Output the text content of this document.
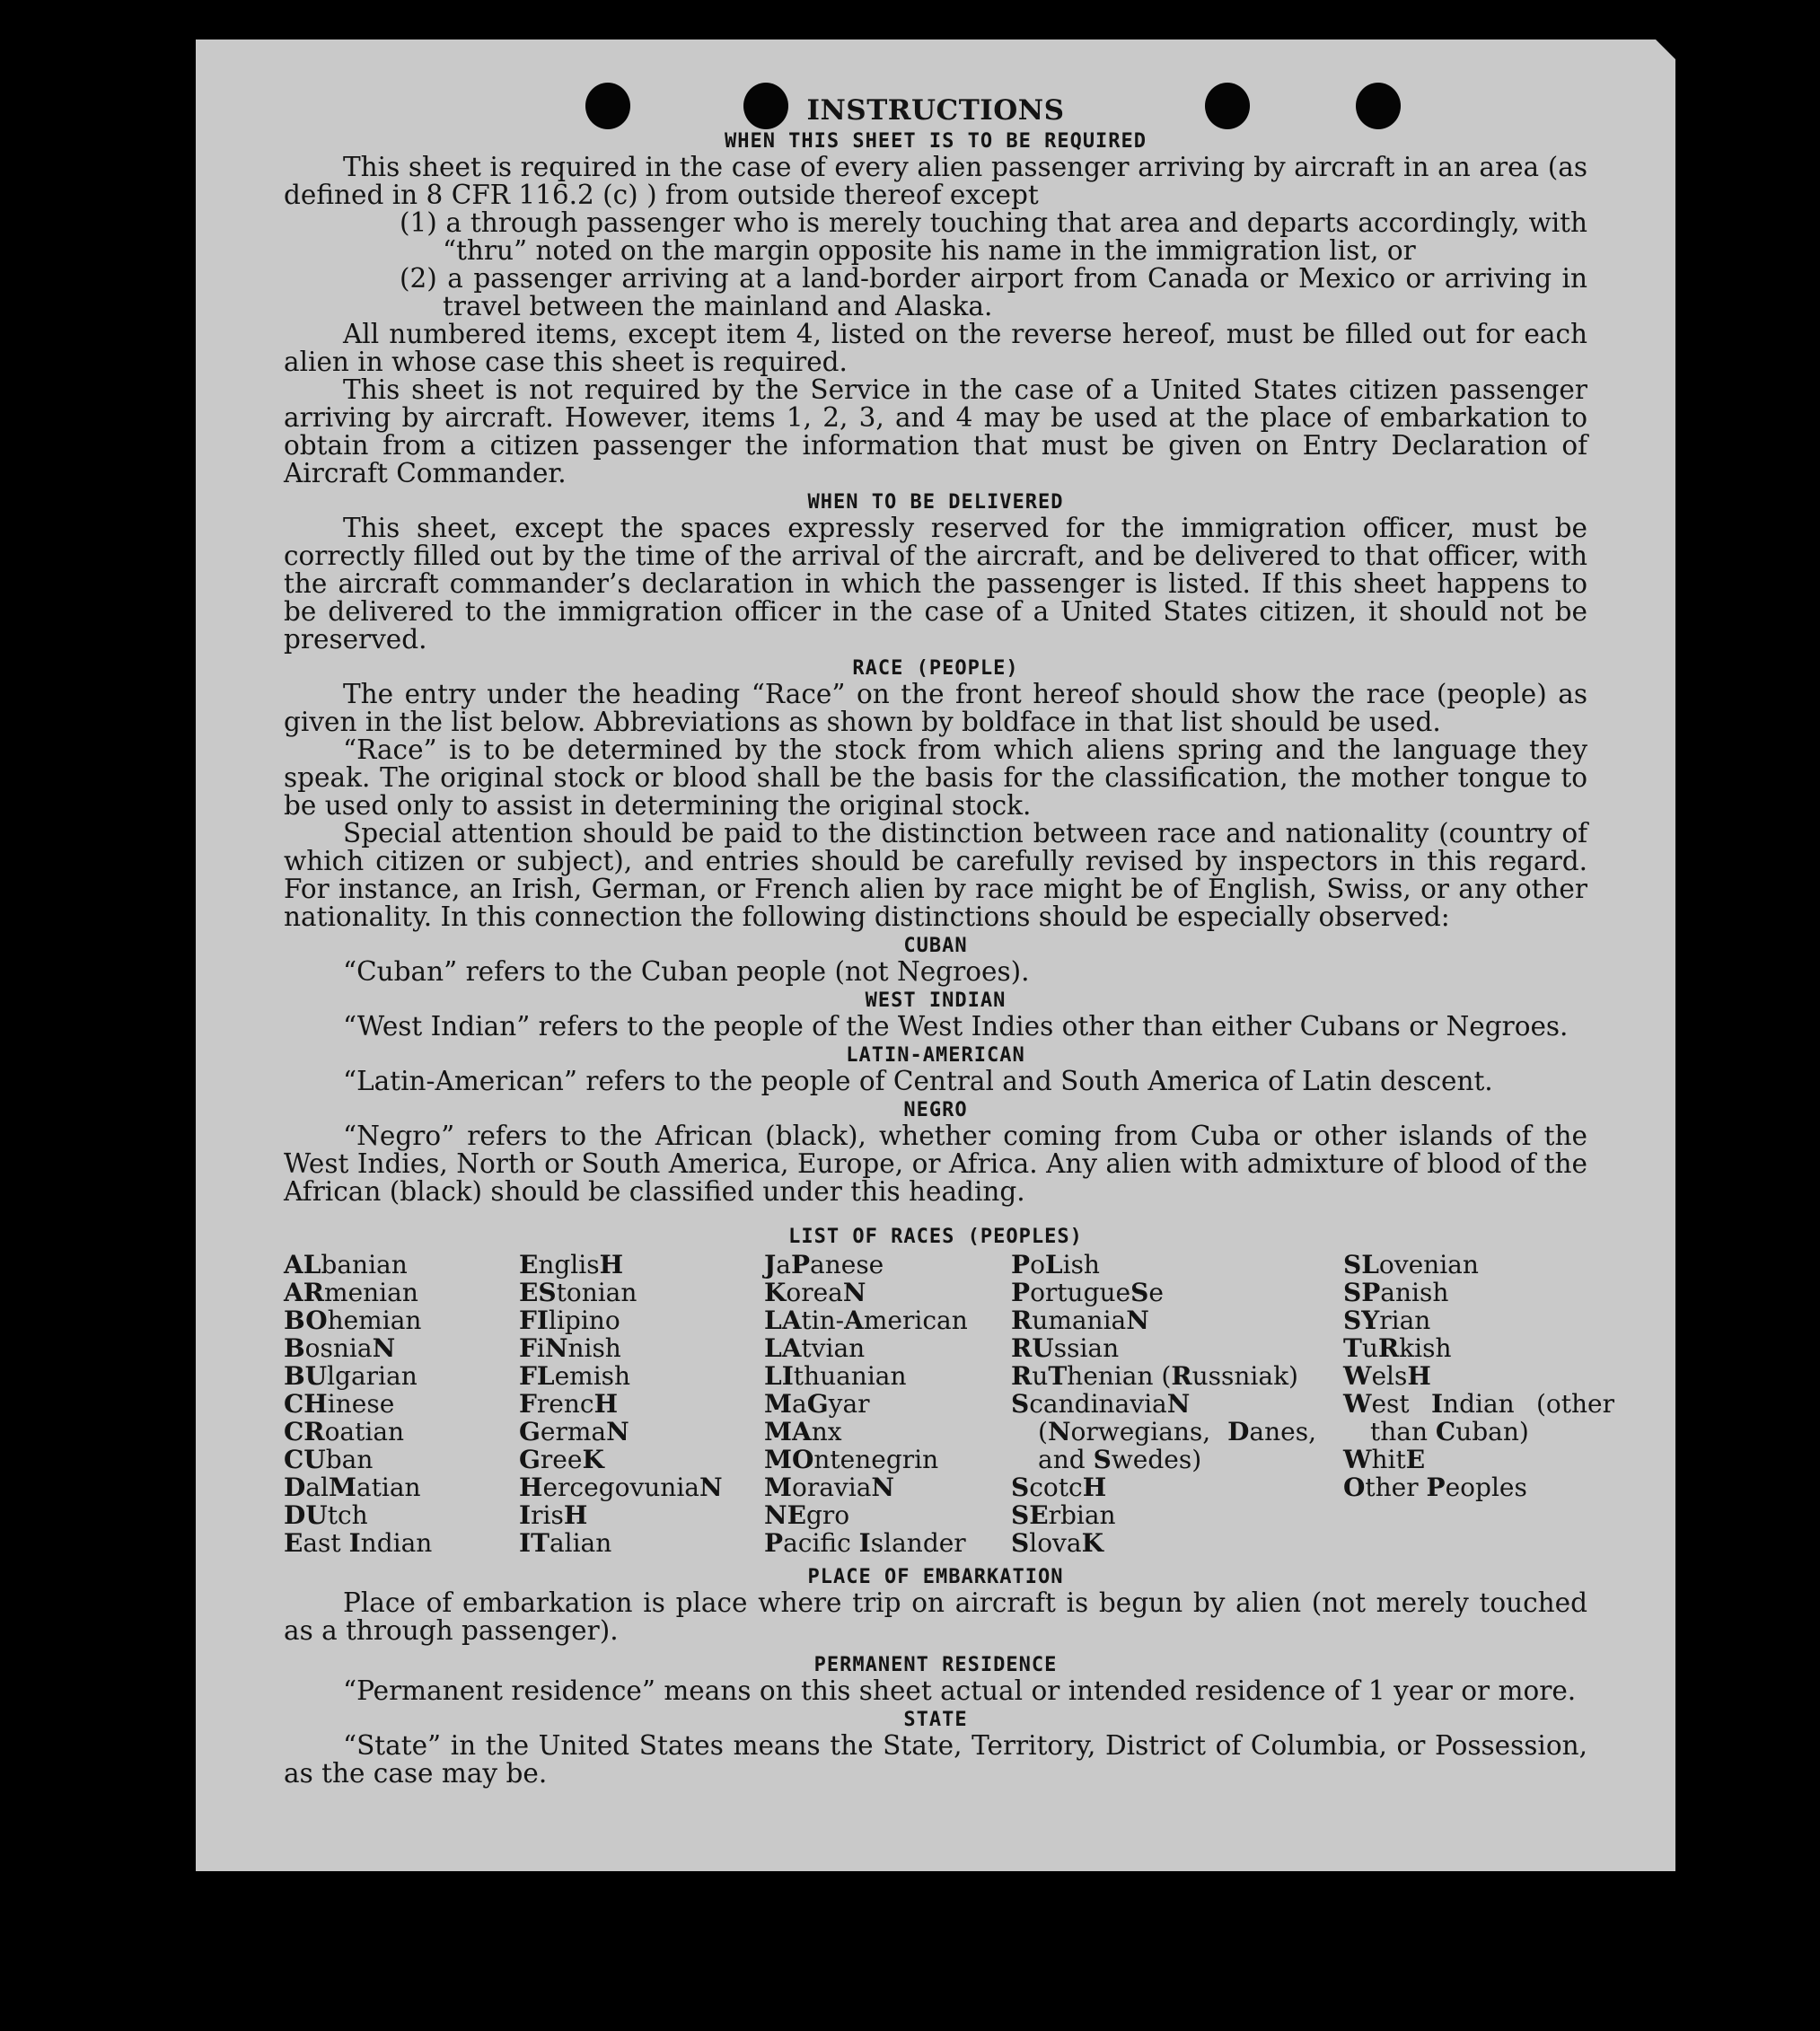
INSTRUCTIONS
WHEN THIS SHEET IS TO BE REQUIRED

This sheet is required in the case of every alien passenger arriving by aircraft in an area (as defined in 8 CFR 116.2 (c) ) from outside thereof except

(1) a through passenger who is merely touching that area and departs accordingly, with “thru” noted on the margin opposite his name in the immigration list, or

(2) a passenger arriving at a land-border airport from Canada or Mexico or arriving in travel between the mainland and Alaska.

All numbered items, except item 4, listed on the reverse hereof, must be filled out for each alien in whose case this sheet is required.

This sheet is not required by the Service in the case of a United States citizen passenger arriving by aircraft. However, items 1, 2, 3, and 4 may be used at the place of embarkation to obtain from a citizen passenger the information that must be given on Entry Declaration of Aircraft Commander.

WHEN TO BE DELIVERED

This sheet, except the spaces expressly reserved for the immigration officer, must be correctly filled out by the time of the arrival of the aircraft, and be delivered to that officer, with the aircraft commander’s declaration in which the passenger is listed. If this sheet happens to be delivered to the immigration officer in the case of a United States citizen, it should not be preserved.

RACE (PEOPLE)

The entry under the heading “Race” on the front hereof should show the race (people) as given in the list below. Abbreviations as shown by boldface in that list should be used.

“Race” is to be determined by the stock from which aliens spring and the language they speak. The original stock or blood shall be the basis for the classification, the mother tongue to be used only to assist in determining the original stock.

Special attention should be paid to the distinction between race and nationality (country of which citizen or subject), and entries should be carefully revised by inspectors in this regard. For instance, an Irish, German, or French alien by race might be of English, Swiss, or any other nationality. In this connection the following distinctions should be especially observed:

CUBAN

“Cuban” refers to the Cuban people (not Negroes).

WEST INDIAN

“West Indian” refers to the people of the West Indies other than either Cubans or Negroes.

LATIN-AMERICAN

“Latin-American” refers to the people of Central and South America of Latin descent.

NEGRO

“Negro” refers to the African (black), whether coming from Cuba or other islands of the West Indies, North or South America, Europe, or Africa. Any alien with admixture of blood of the African (black) should be classified under this heading.

LIST OF RACES (PEOPLES)
ALbanian
ARmenian
BOhemian
BosniaN
BUlgarian
CHinese
CRoatian
CUban
DalMatian
DUtch
East Indian
EnglisH
EStonian
FIlipino
FiNnish
FLemish
FrencH
GermaN
GreeK
HercegovuniaN
IrisH
ITalian
JaPanese
KoreaN
LAtin-American
LAtvian
LIthuanian
MaGyar
MAnx
MOntenegrin
MoraviaN
NEgro
Pacific Islander
PoLish
PortugueSe
RumaniaN
RUssian
RuThenian (Russniak)
ScandinaviaN (Norwegians, Danes, and Swedes)
ScotcH
SErbian
SlovaK
SLovenian
SPanish
SYrian
TuRkish
WelsH
West Indian (other than Cuban)
WhitE
Other Peoples
PLACE OF EMBARKATION

Place of embarkation is place where trip on aircraft is begun by alien (not merely touched as a through passenger).

PERMANENT RESIDENCE

“Permanent residence” means on this sheet actual or intended residence of 1 year or more.

STATE

“State” in the United States means the State, Territory, District of Columbia, or Possession, as the case may be.
